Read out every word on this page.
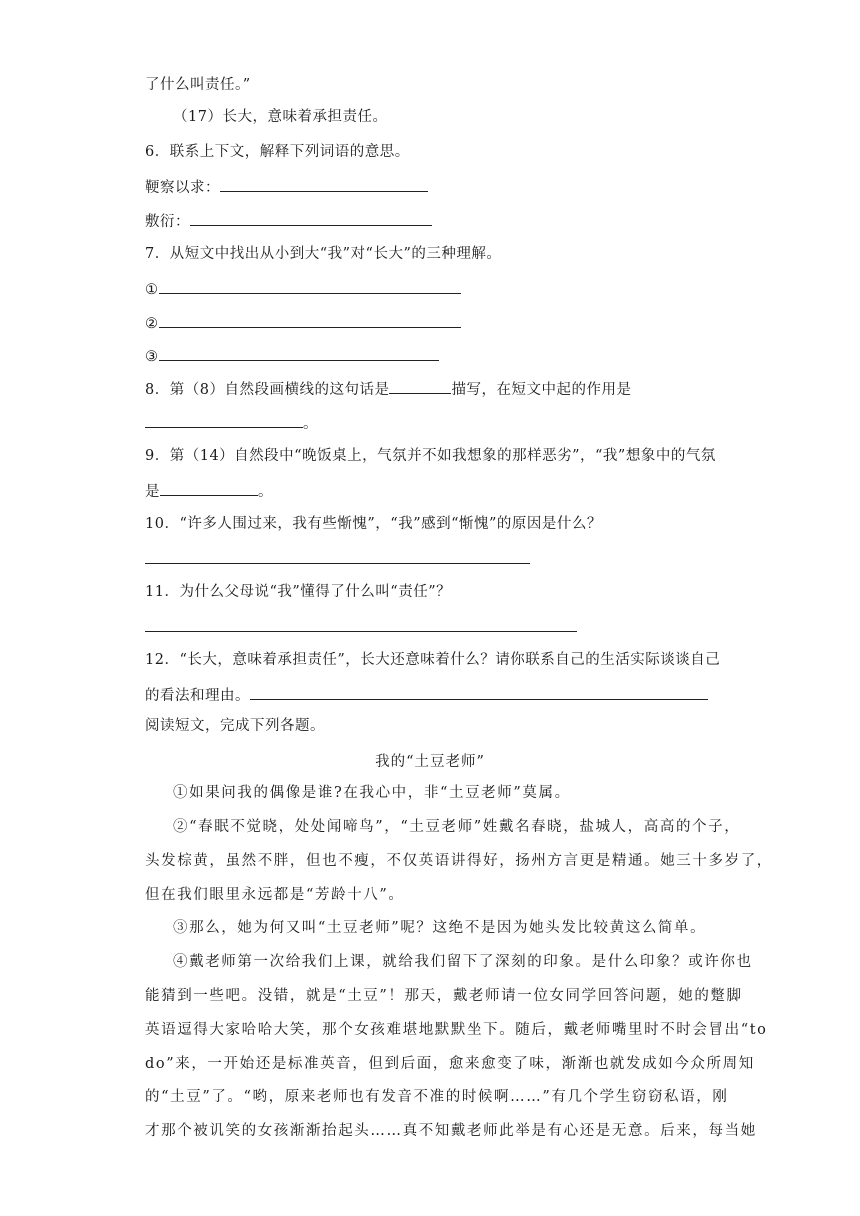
了什么叫责任。”
（17）长大，意味着承担责任。
6．联系上下文，解释下列词语的意思。
鞕察以求：
敷衍：
7．从短文中找出从小到大“我”对“长大”的三种理解。
①
②
③
8．第（8）自然段画横线的这句话是	描写，在短文中起的作用是
。
9．第（14）自然段中“晚饭桌上，气氛并不如我想象的那样恶劣”，“我”想象中的气氛
是	。
10．“许多人围过来，我有些惭愧”，“我”感到“惭愧”的原因是什么？
11．为什么父母说“我”懂得了什么叫“责任”？
12．“长大，意味着承担责任”，长大还意味着什么？请你联系自己的生活实际谈谈自己
的看法和理由。
阅读短文，完成下列各题。
我的“土豆老师”
①如果问我的偶像是谁?在我心中，非“土豆老师”莫属。
②“春眠不觉晓，处处闻啼鸟”，“土豆老师”姓戴名春晓，盐城人，高高的个子，
头发棕黄，虽然不胖，但也不瘦，不仅英语讲得好，扬州方言更是精通。她三十多岁了，
但在我们眼里永远都是“芳龄十八”。
③那么，她为何又叫“土豆老师”呢？这绝不是因为她头发比较黄这么简单。
④戴老师第一次给我们上课，就给我们留下了深刻的印象。是什么印象？或许你也
能猜到一些吧。没错，就是“土豆”！那天，戴老师请一位女同学回答问题，她的蹩脚
英语逗得大家哈哈大笑，那个女孩难堪地默默坐下。随后，戴老师嘴里时不时会冒出“to
do”来，一开始还是标准英音，但到后面，愈来愈变了味，渐渐也就发成如今众所周知
的“土豆”了。“哟，原来老师也有发音不准的时候啊……”有几个学生窃窃私语，刚
才那个被讥笑的女孩渐渐抬起头……真不知戴老师此举是有心还是无意。后来，每当她
